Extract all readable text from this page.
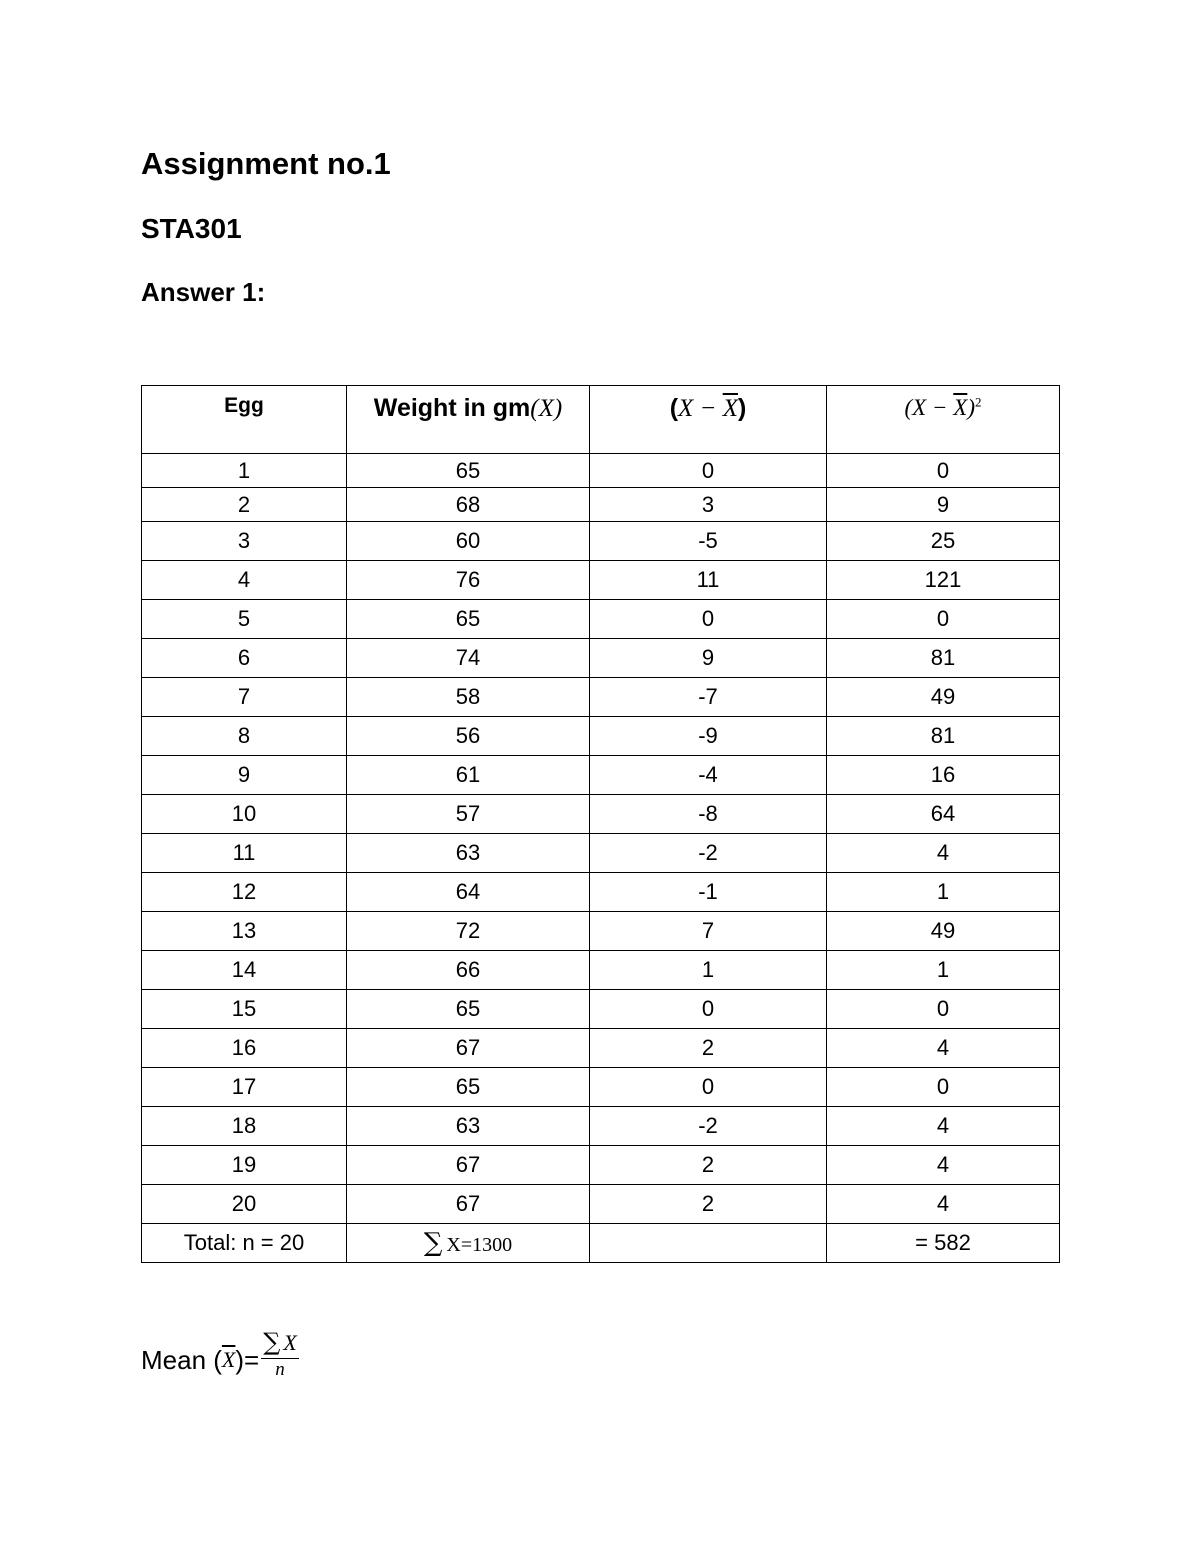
Assignment no.1
STA301
Answer 1:
Egg	Weight in gm(X)	$(X - \overline{X})$	$(X - \overline{X})^2$
1	65	0	0
2	68	3	9
3	60	-5	25
4	76	11	121
5	65	0	0
6	74	9	81
7	58	-7	49
8	56	-9	81
9	61	-4	16
10	57	-8	64
11	63	-2	4
12	64	-1	1
13	72	7	49
14	66	1	1
15	65	0	0
16	67	2	4
17	65	0	0
18	63	-2	4
19	67	2	4
20	67	2	4
Total: n = 20	∑ X=1300		= 582
Mean ( $\overline{X}$ )= $\frac{\sum X}{n}$
